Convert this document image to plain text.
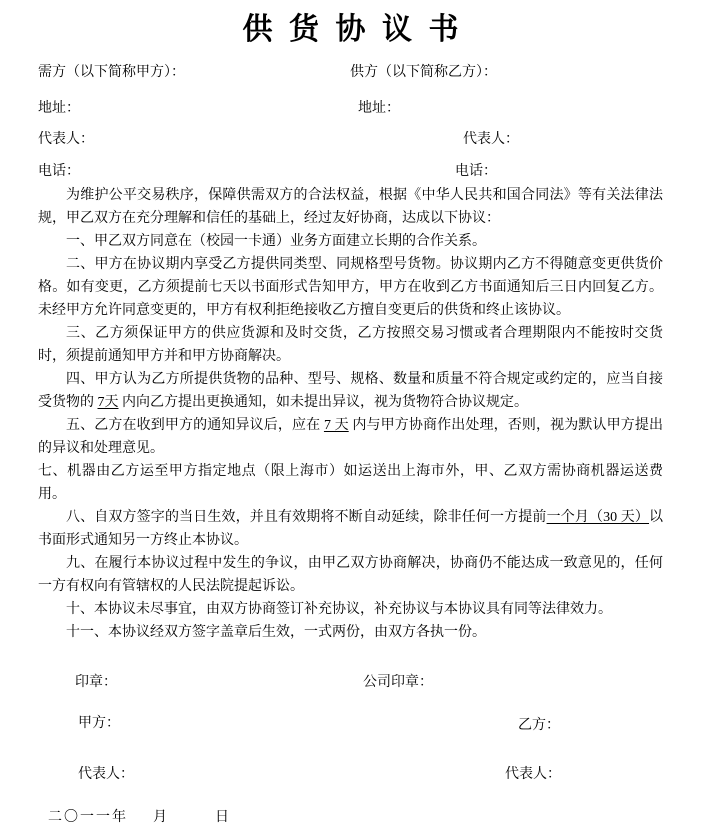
供货协议书
需方（以下简称甲方）：	供方（以下简称乙方）：
地址：	地址：
代表人：	代表人：
电话：	电话：

为维护公平交易秩序，保障供需双方的合法权益，根据《中华人民共和国合同法》等有关法律法规，甲乙双方在充分理解和信任的基础上，经过友好协商，达成以下协议：

一、甲乙双方同意在（校园一卡通）业务方面建立长期的合作关系。

二、甲方在协议期内享受乙方提供同类型、同规格型号货物。协议期内乙方不得随意变更供货价格。如有变更，乙方须提前七天以书面形式告知甲方，甲方在收到乙方书面通知后三日内回复乙方。未经甲方允许同意变更的，甲方有权利拒绝接收乙方擅自变更后的供货和终止该协议。

三、乙方须保证甲方的供应货源和及时交货，乙方按照交易习惯或者合理期限内不能按时交货时，须提前通知甲方并和甲方协商解决。

四、甲方认为乙方所提供货物的品种、型号、规格、数量和质量不符合规定或约定的，应当自接受货物的 7天 内向乙方提出更换通知，如未提出异议，视为货物符合协议规定。

五、乙方在收到甲方的通知异议后，应在 7 天 内与甲方协商作出处理，否则，视为默认甲方提出的异议和处理意见。

七、机器由乙方运至甲方指定地点（限上海市）如运送出上海市外，甲、乙双方需协商机器运送费用。

八、自双方签字的当日生效，并且有效期将不断自动延续，除非任何一方提前一个月（30 天）以书面形式通知另一方终止本协议。

九、在履行本协议过程中发生的争议，由甲乙双方协商解决，协商仍不能达成一致意见的，任何一方有权向有管辖权的人民法院提起诉讼。

十、本协议未尽事宜，由双方协商签订补充协议，补充协议与本协议具有同等法律效力。

十一、本协议经双方签字盖章后生效，一式两份，由双方各执一份。

印章：	公司印章：
甲方：	乙方：
代表人：	代表人：
二〇一一年 月	日
